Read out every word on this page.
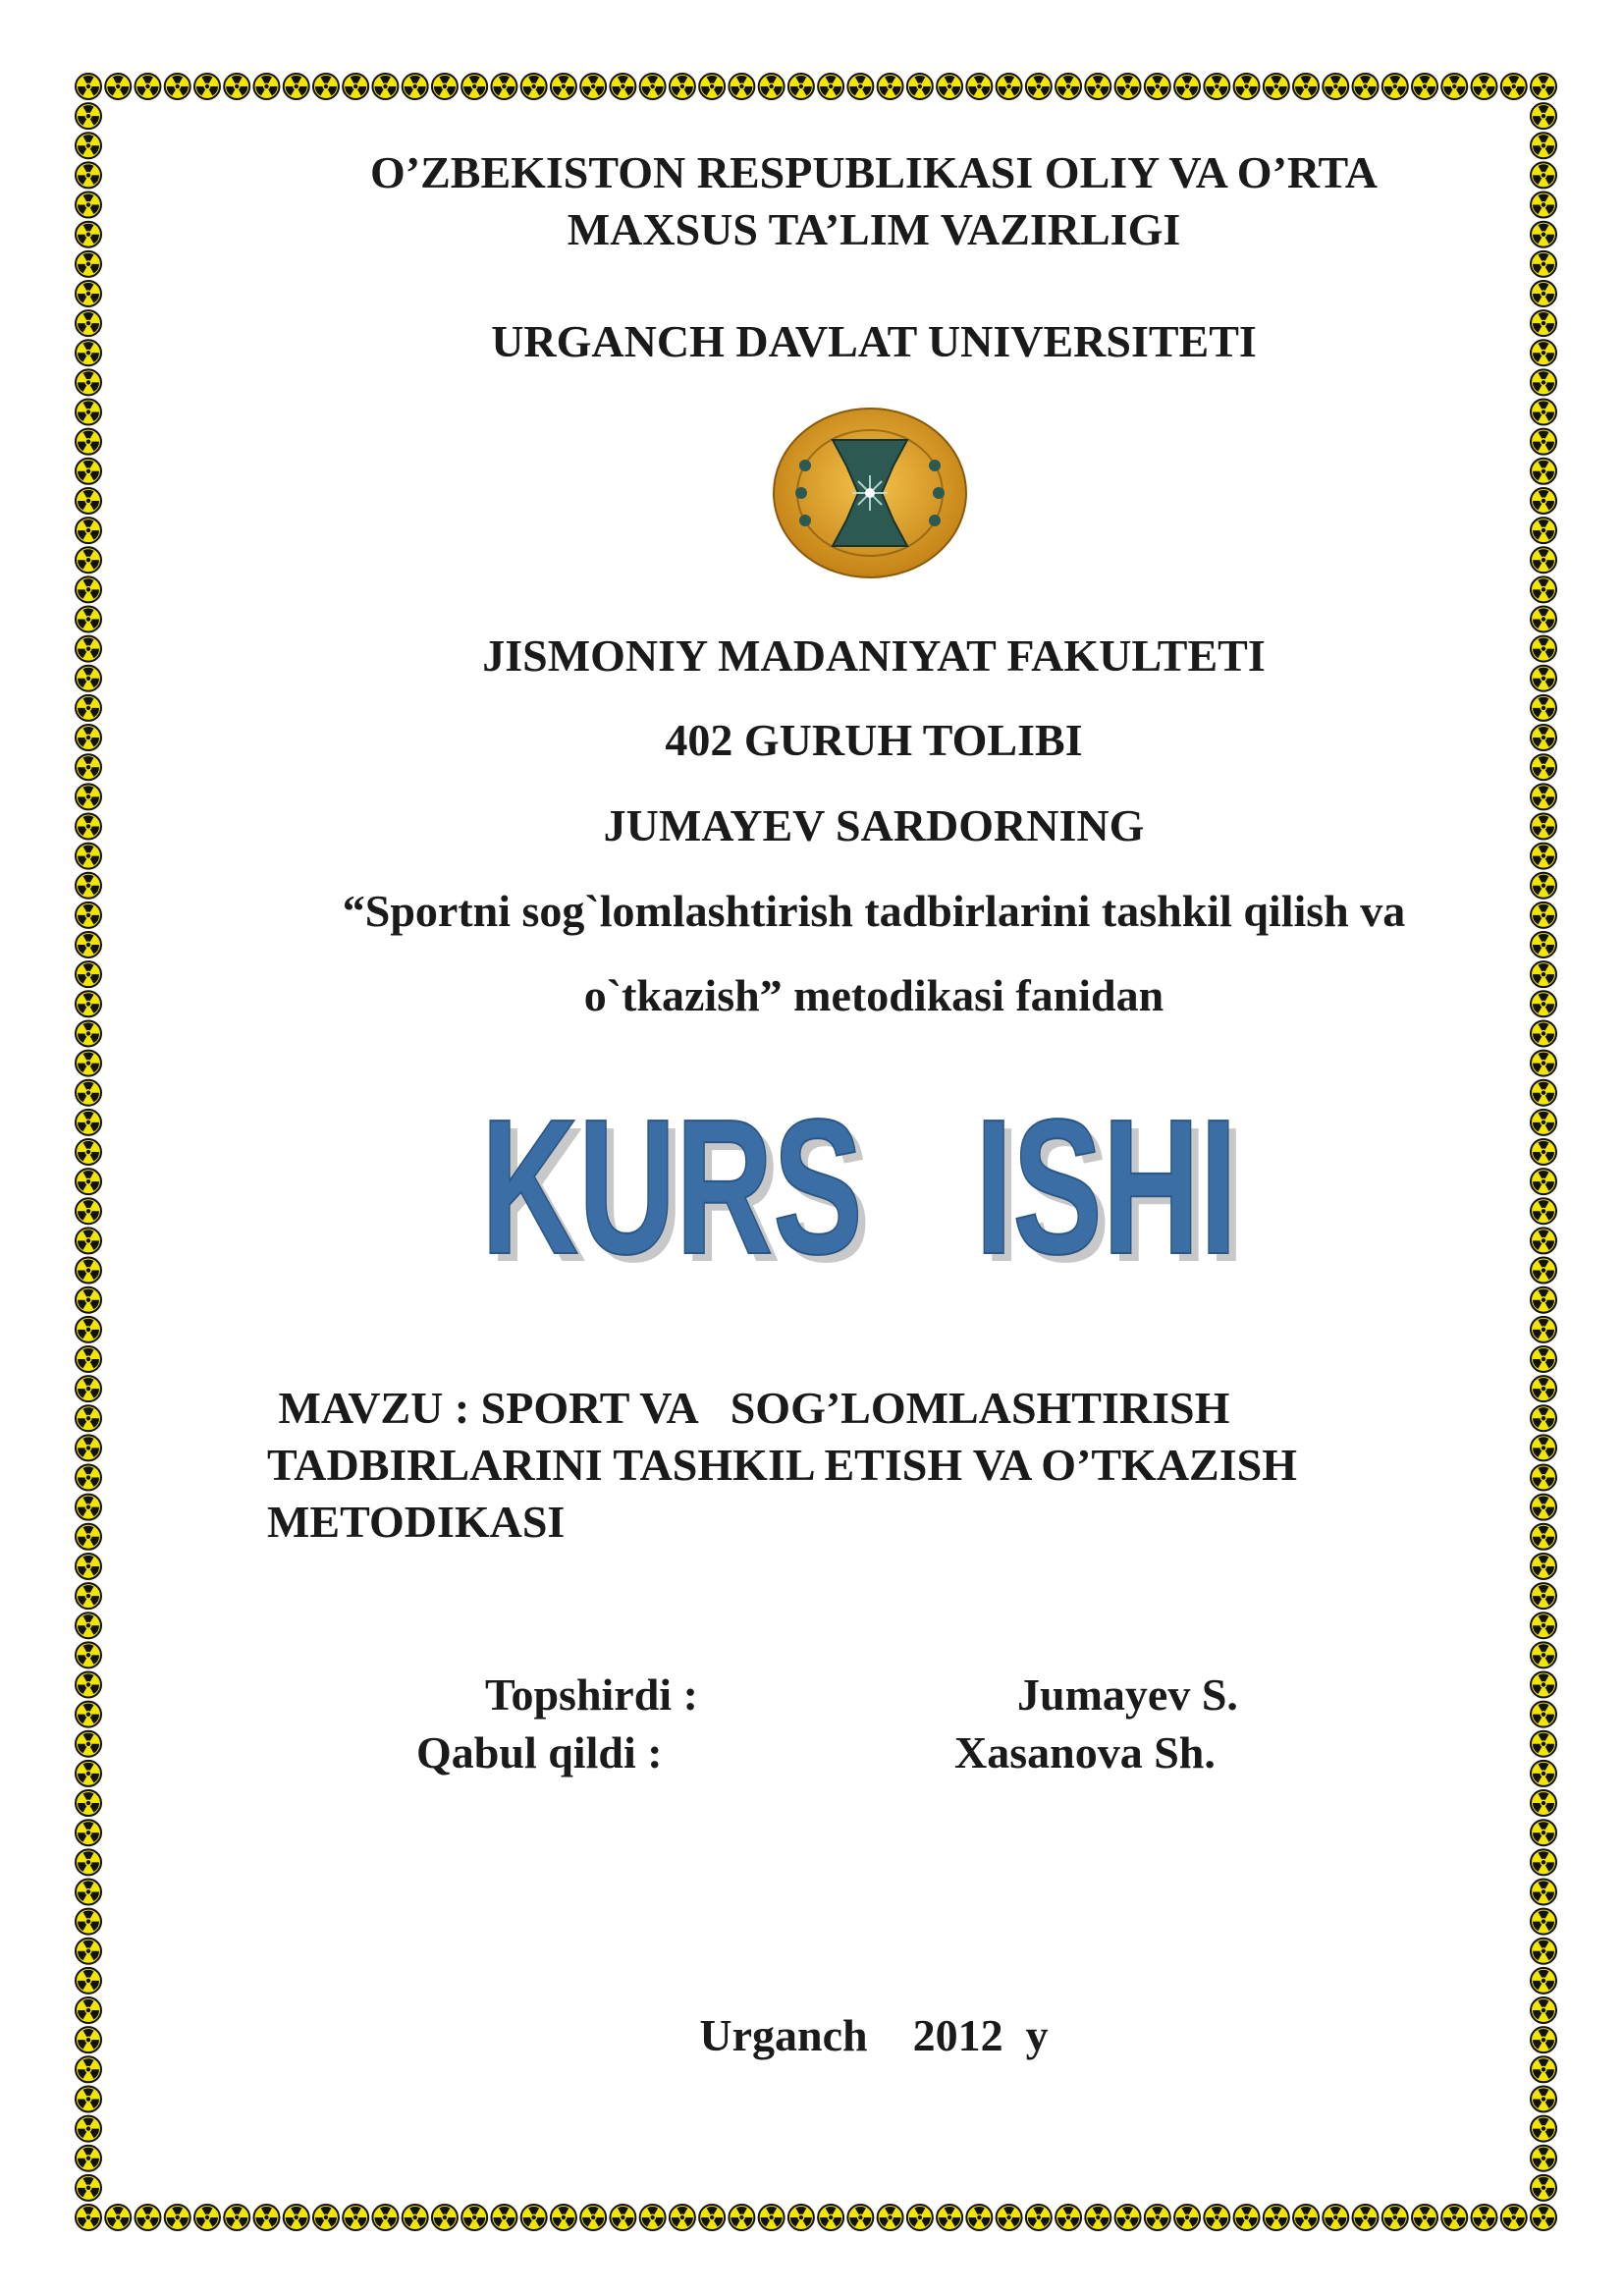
O’ZBEKISTON RESPUBLIKASI OLIY VA O’RTA

MAXSUS TA’LIM VAZIRLIGI

URGANCH DAVLAT UNIVERSITETI

JISMONIY MADANIYAT FAKULTETI

402 GURUH TOLIBI

JUMAYEV SARDORNING

“Sportni sog`lomlashtirish tadbirlarini tashkil qilish va

o`tkazish” metodikasi fanidan

KURS   ISHI
KURS   ISHI
MAVZU : SPORT VA   SOG’LOMLASHTIRISH
TADBIRLARINI TASHKIL ETISH VA O’TKAZISH
METODIKASI
Topshirdi :	Jumayev S.
Qabul qildi :	Xasanova Sh.

Urganch    2012  y
